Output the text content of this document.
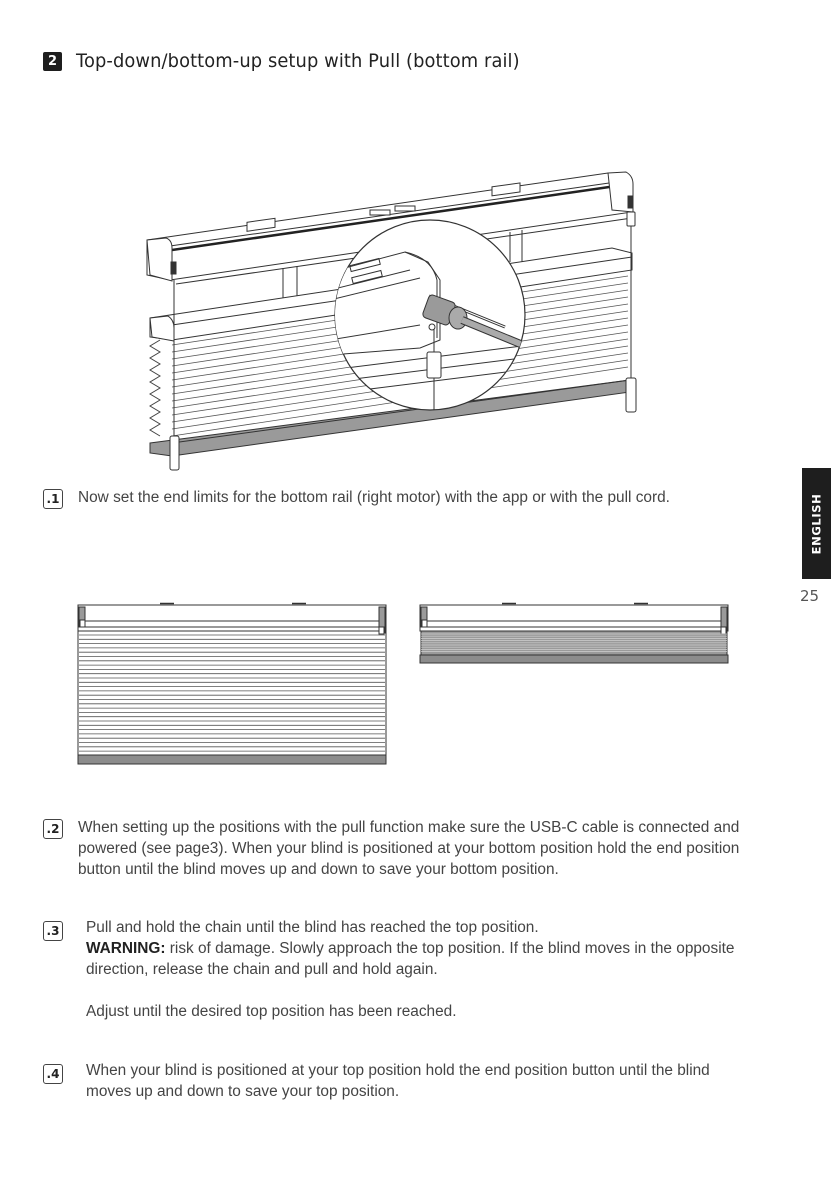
2 Top-down/bottom-up setup with Pull (bottom rail)
.1 Now set the end limits for the bottom rail (right motor) with the app or with the pull cord.	ENGLISH
25
.2 When setting up the positions with the pull function make sure the USB-C cable is connected and powered (see page3). When your blind is positioned at your bottom position hold the end position button until the blind moves up and down to save your bottom position.

.3 Pull and hold the chain until the blind has reached the top position.

WARNING: risk of damage. Slowly approach the top position. If the blind moves in the opposite direction, release the chain and pull and hold again.

Adjust until the desired top position has been reached.

.4 When your blind is positioned at your top position hold the end position button until the blind moves up and down to save your top position.
